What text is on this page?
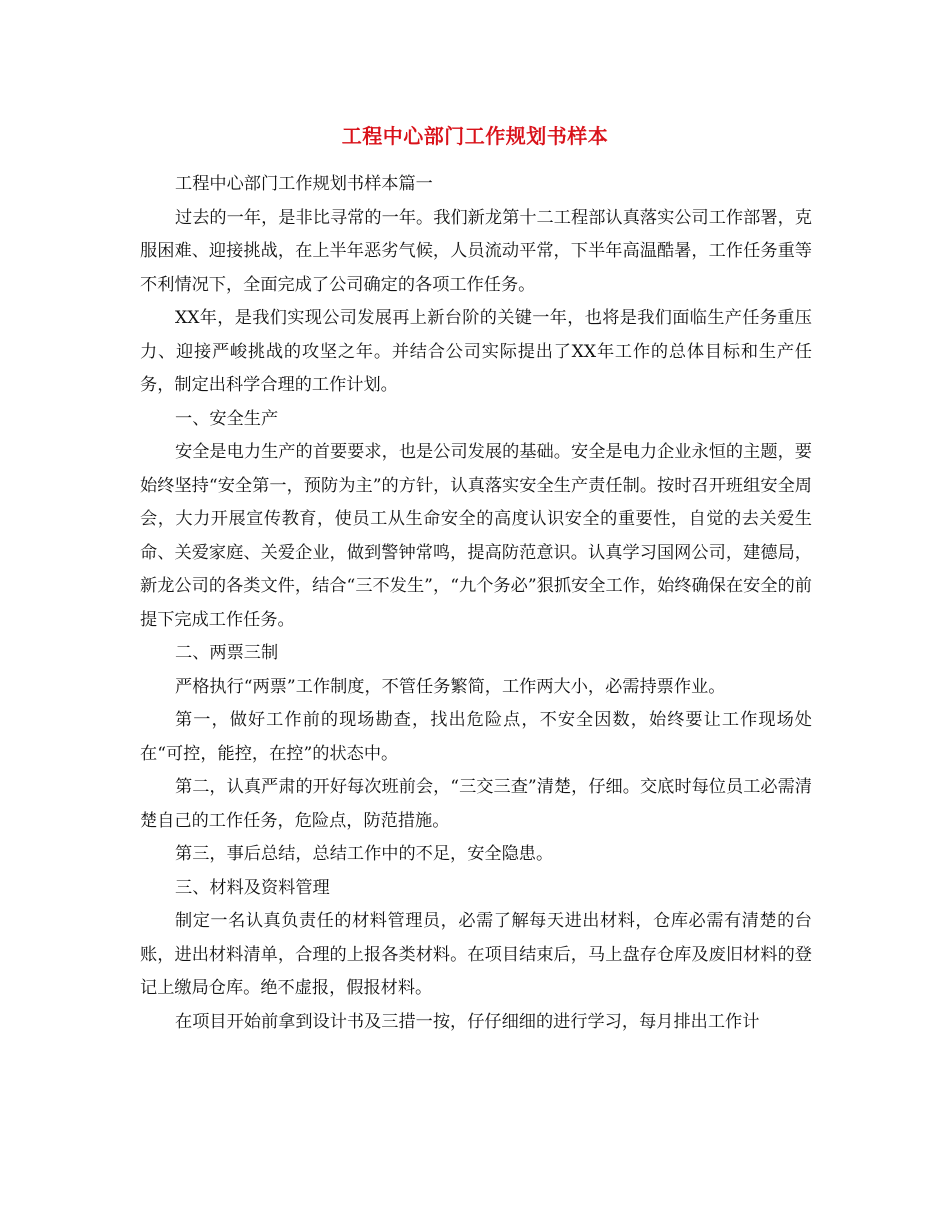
工程中心部门工作规划书样本

工程中心部门工作规划书样本篇一

过去的一年，是非比寻常的一年。我们新龙第十二工程部认真落实公司工作部署，克服困难、迎接挑战，在上半年恶劣气候，人员流动平常，下半年高温酷暑，工作任务重等不利情况下，全面完成了公司确定的各项工作任务。

XX年，是我们实现公司发展再上新台阶的关键一年，也将是我们面临生产任务重压力、迎接严峻挑战的攻坚之年。并结合公司实际提出了XX年工作的总体目标和生产任务，制定出科学合理的工作计划。

一、安全生产

安全是电力生产的首要要求，也是公司发展的基础。安全是电力企业永恒的主题，要始终坚持“安全第一，预防为主”的方针，认真落实安全生产责任制。按时召开班组安全周会，大力开展宣传教育，使员工从生命安全的高度认识安全的重要性，自觉的去关爱生命、关爱家庭、关爱企业，做到警钟常鸣，提高防范意识。认真学习国网公司，建德局，新龙公司的各类文件，结合“三不发生”，“九个务必”狠抓安全工作，始终确保在安全的前提下完成工作任务。

二、两票三制

严格执行“两票”工作制度，不管任务繁简，工作两大小，必需持票作业。

第一，做好工作前的现场勘查，找出危险点，不安全因数，始终要让工作现场处在“可控，能控，在控”的状态中。

第二，认真严肃的开好每次班前会，“三交三查”清楚，仔细。交底时每位员工必需清楚自己的工作任务，危险点，防范措施。

第三，事后总结，总结工作中的不足，安全隐患。

三、材料及资料管理

制定一名认真负责任的材料管理员，必需了解每天进出材料，仓库必需有清楚的台账，进出材料清单，合理的上报各类材料。在项目结束后，马上盘存仓库及废旧材料的登记上缴局仓库。绝不虚报，假报材料。

在项目开始前拿到设计书及三措一按，仔仔细细的进行学习，每月排出工作计
